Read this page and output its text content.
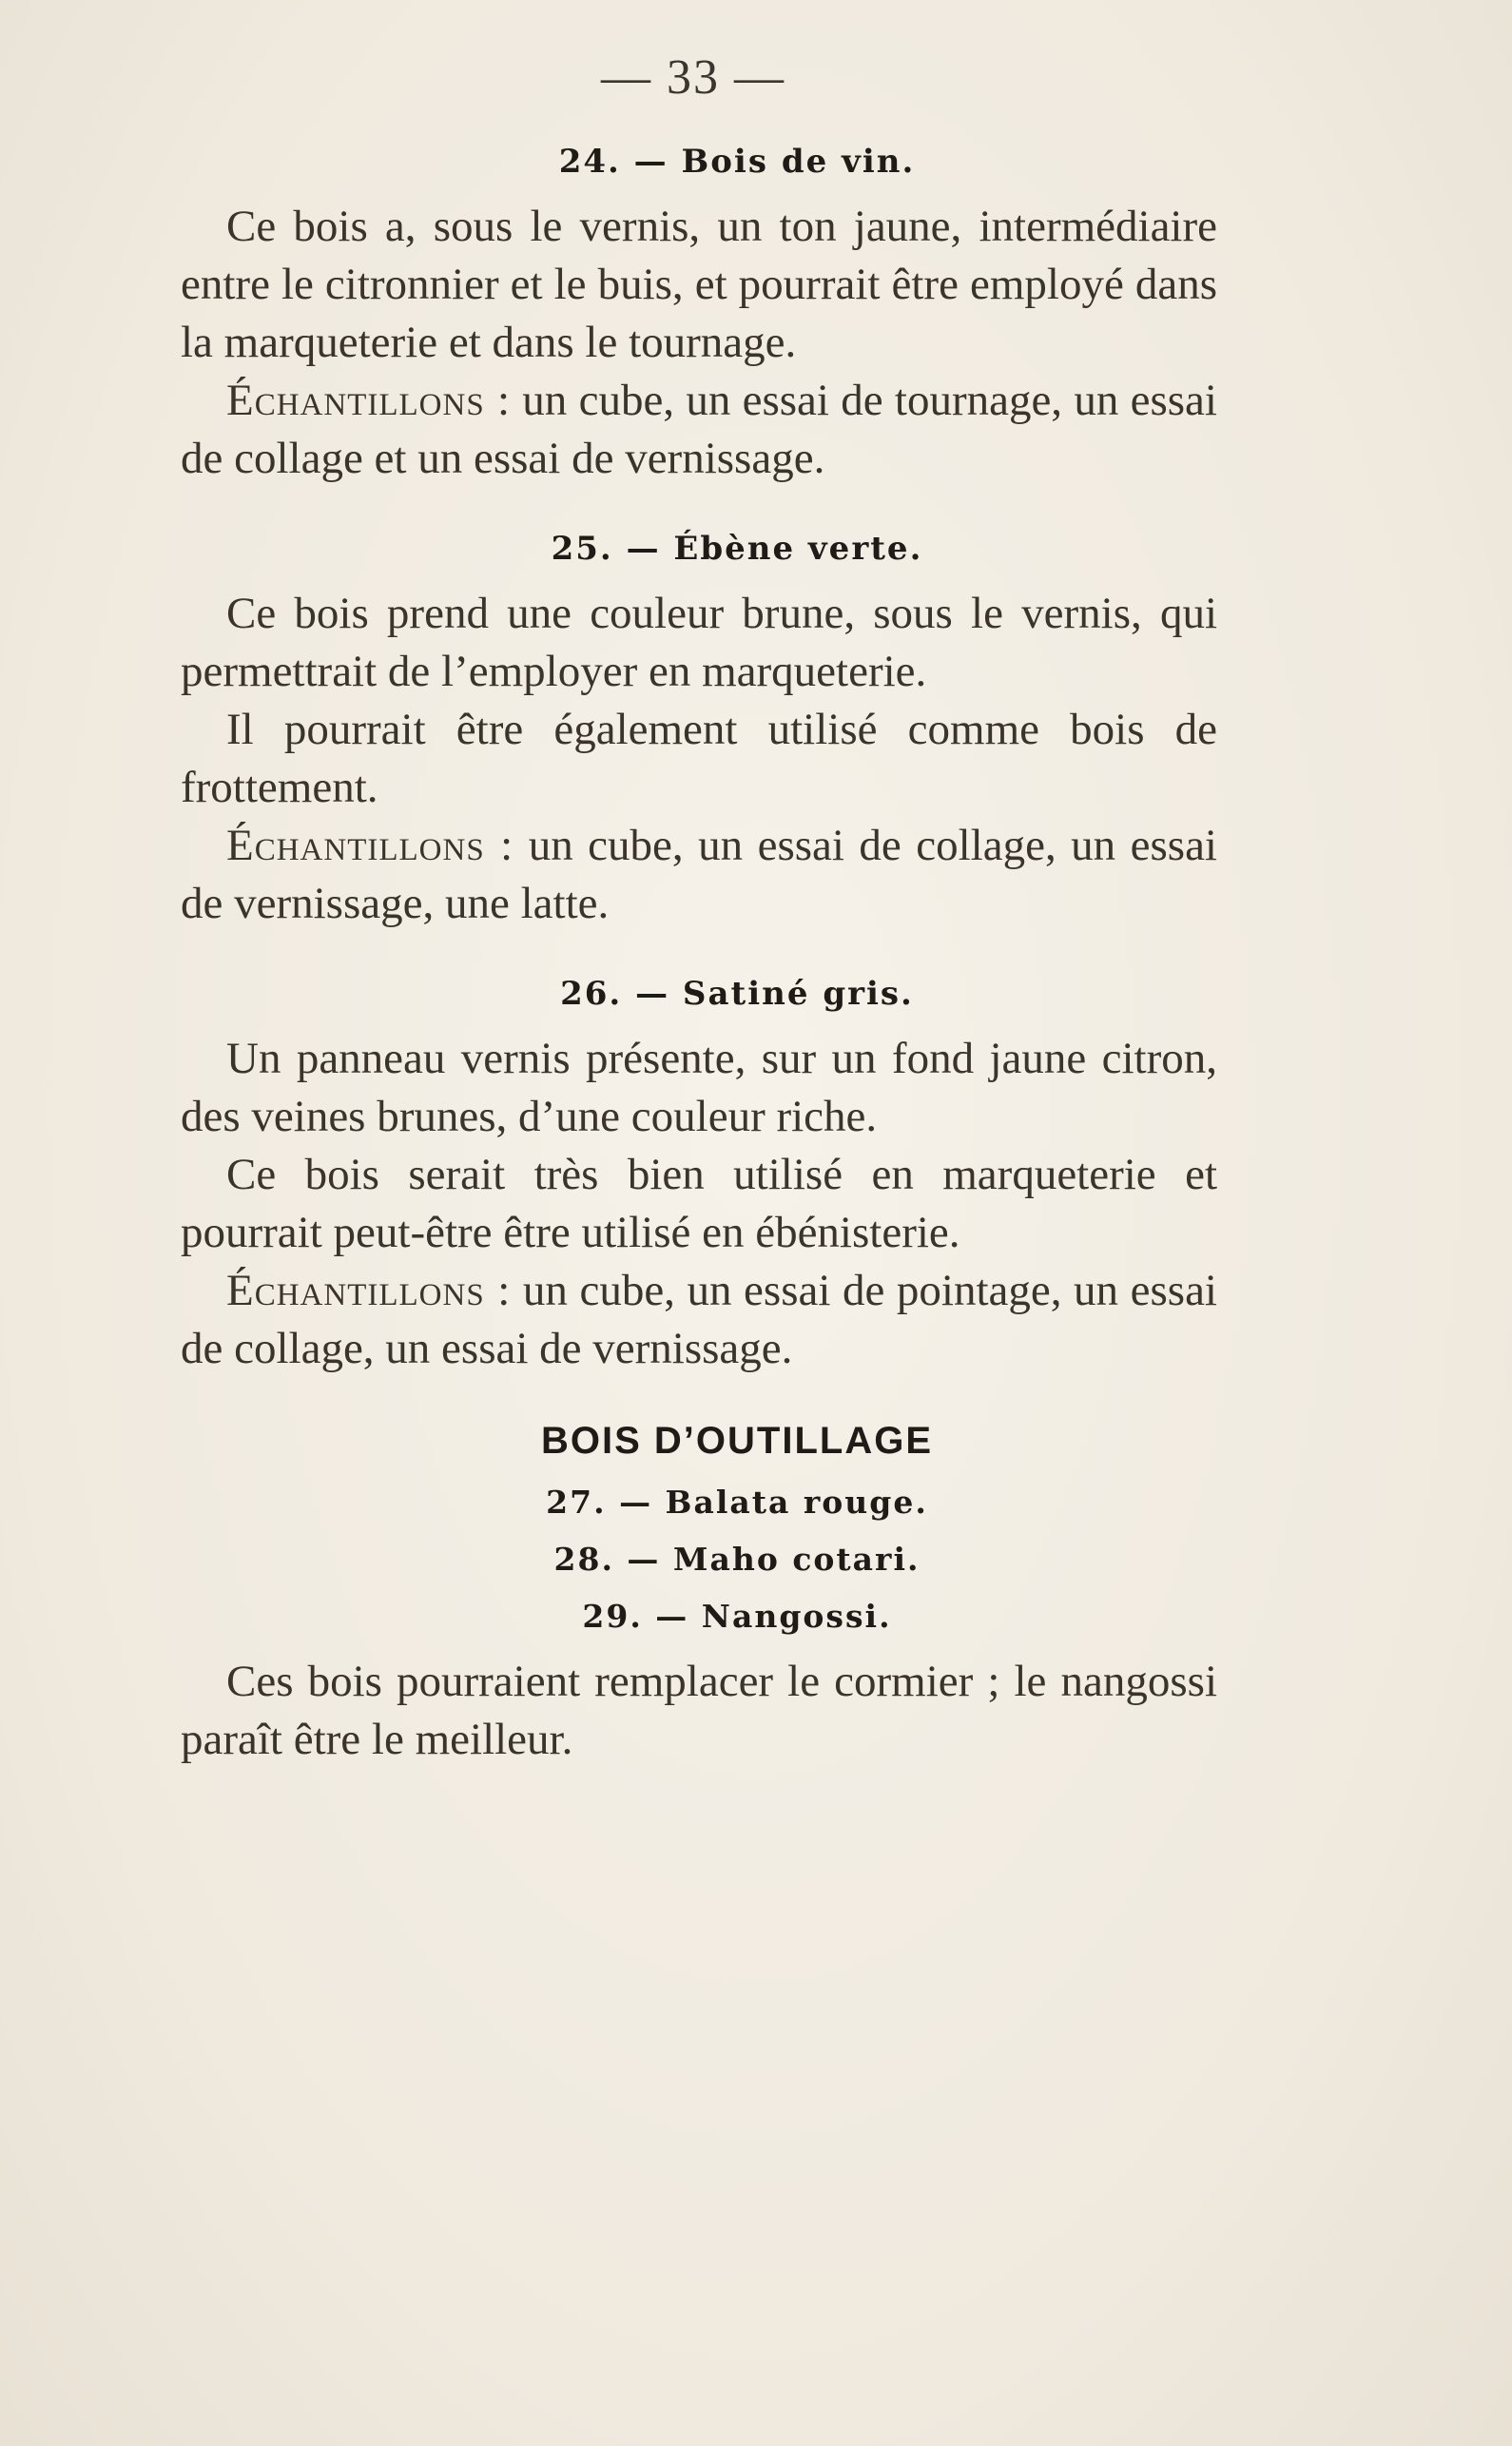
— 33 —
24. — Bois de vin.

Ce bois a, sous le vernis, un ton jaune, intermédiaire entre le citronnier et le buis, et pourrait être employé dans la marqueterie et dans le tournage.

Échantillons : un cube, un essai de tournage, un essai de collage et un essai de vernissage.

25. — Ébène verte.

Ce bois prend une couleur brune, sous le vernis, qui permettrait de l’employer en marqueterie.

Il pourrait être également utilisé comme bois de frottement.

Échantillons : un cube, un essai de collage, un essai de vernissage, une latte.

26. — Satiné gris.

Un panneau vernis présente, sur un fond jaune citron, des veines brunes, d’une couleur riche.

Ce bois serait très bien utilisé en marqueterie et pourrait peut-être être utilisé en ébénisterie.

Échantillons : un cube, un essai de pointage, un essai de collage, un essai de vernissage.

BOIS D’OUTILLAGE
27. — Balata rouge.
28. — Maho cotari.
29. — Nangossi.

Ces bois pourraient remplacer le cormier ; le nangossi paraît être le meilleur.
